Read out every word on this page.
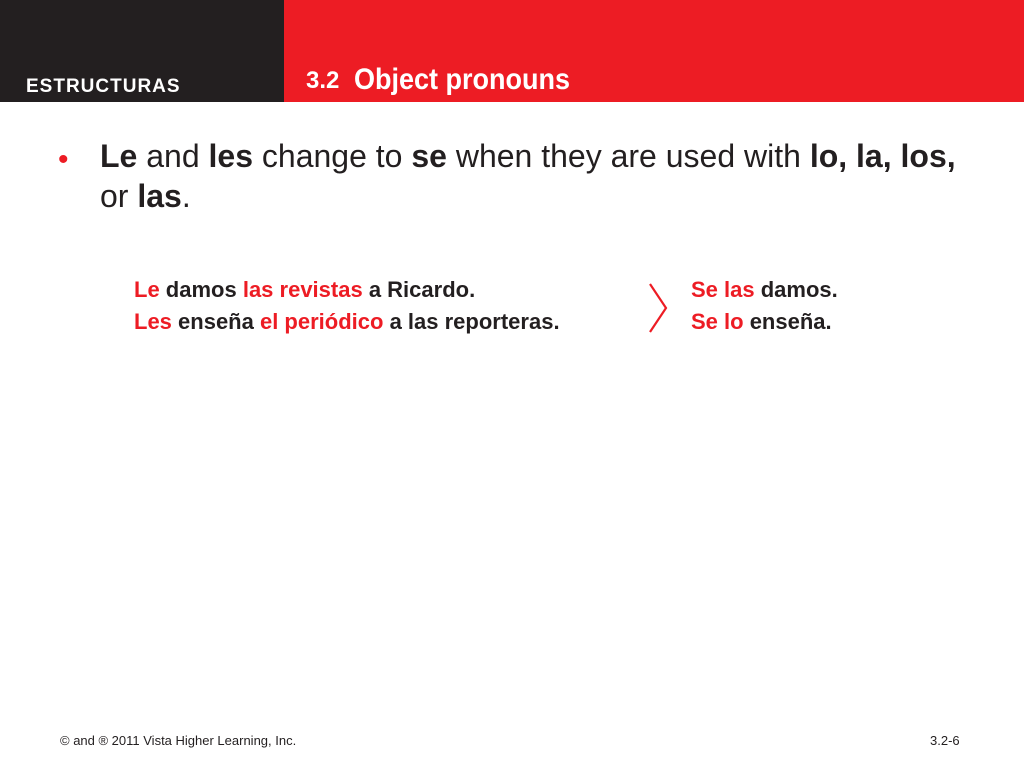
ESTRUCTURAS	3.2 Object pronouns
• Le and les change to se when they are used with lo, la, los, or las.
Le damos las revistas a Ricardo.
Les enseña el periódico a las reporteras.
Se las damos.
Se lo enseña.
© and ® 2011 Vista Higher Learning, Inc.	3.2-6
